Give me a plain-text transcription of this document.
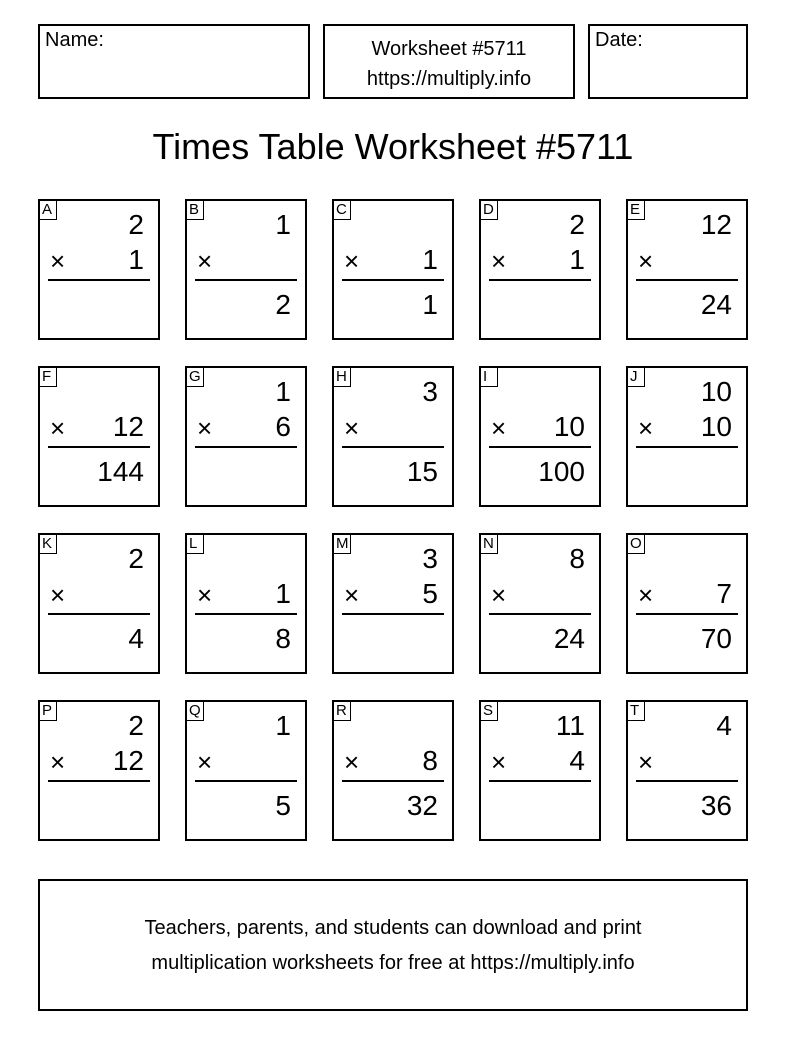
Name:	Worksheet #5711
https://multiply.info
Date:
Times Table Worksheet #5711
A	2
× 1
B	1
×
2
C
× 1
1
D	2
× 1
E 12
×
24
F
× 12
144
G	1
× 6
H	3
×
15
I
× 10
100
J 10
× 10
K	2
×
4
L
× 1
8
M	3
× 5
N	8
×
24
O
× 7
70
P	2
× 12
Q	1
×
5
R
× 8
32
S 11
× 4
T	4
×
36
Teachers, parents, and students can download and print
multiplication worksheets for free at https://multiply.info
